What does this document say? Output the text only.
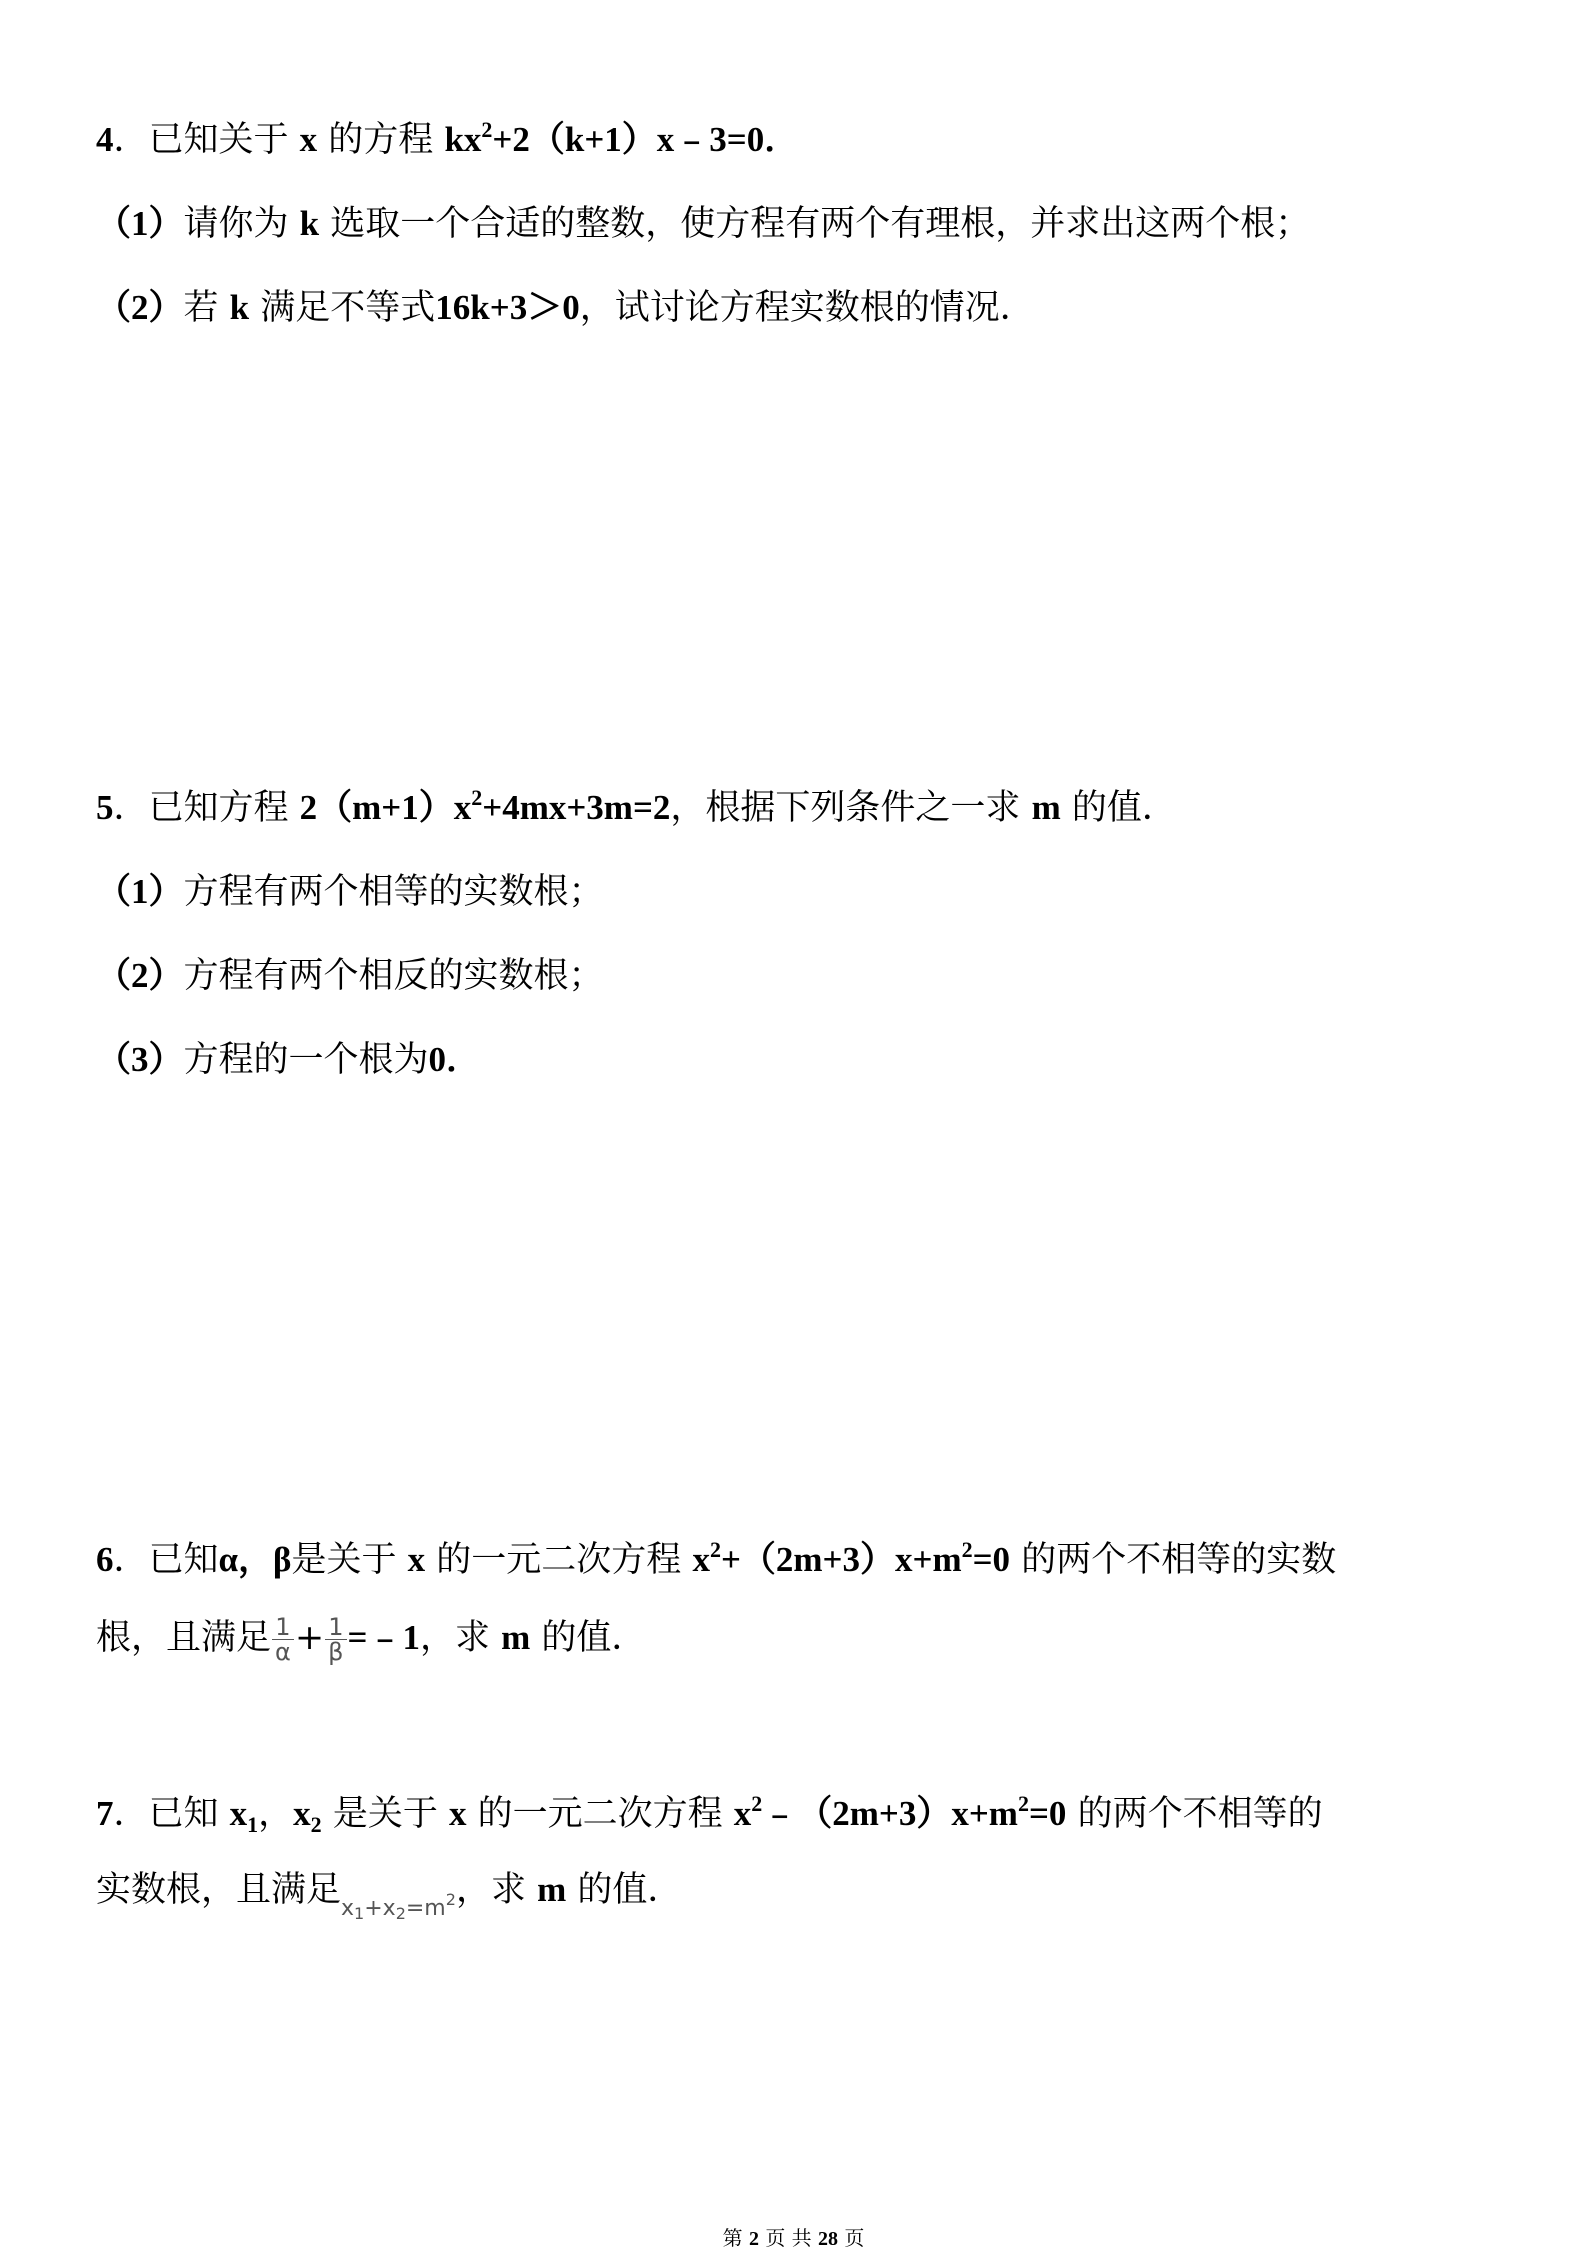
4．已知关于 x 的方程 $kx^2+2(k+1)x﹣3=0$．

（1）请你为 k 选取一个合适的整数，使方程有两个有理根，并求出这两个根；

（2）若 k 满足不等式16k+3＞0，试讨论方程实数根的情况．

5．已知方程 $2(m+1)x^2+4mx+3m=2$，根据下列条件之一求 m 的值．

（1）方程有两个相等的实数根；

（2）方程有两个相反的实数根；

（3）方程的一个根为0．

6．已知α，β是关于 x 的一元二次方程 $x^2+(2m+3)x+m^2=0$ 的两个不相等的实数

根，且满足 $\frac{1}{\alpha} + \frac{1}{\beta}$ =﹣1，求 m 的值．

7．已知 $x_1$，$x_2$ 是关于 x 的一元二次方程 $x^2﹣(2m+3)x+m^2=0$ 的两个不相等的

实数根，且满足$_{x_1+x_2=m^2}$，求 m 的值．

第 2 页 共 28 页
